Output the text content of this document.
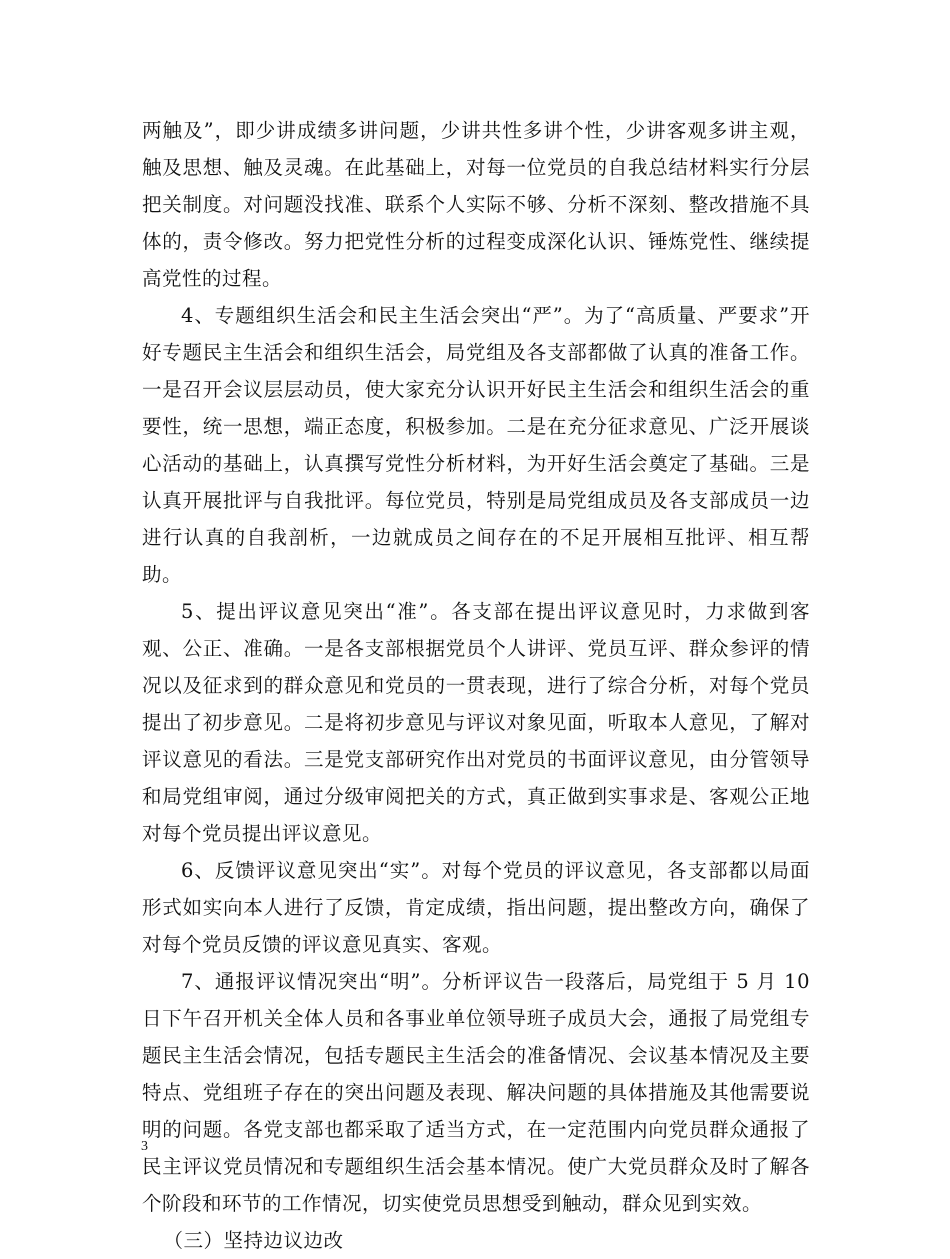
两触及”，即少讲成绩多讲问题，少讲共性多讲个性，少讲客观多讲主观，触及思想、触及灵魂。在此基础上，对每一位党员的自我总结材料实行分层把关制度。对问题没找准、联系个人实际不够、分析不深刻、整改措施不具体的，责令修改。努力把党性分析的过程变成深化认识、锤炼党性、继续提高党性的过程。

4、专题组织生活会和民主生活会突出“严”。为了“高质量、严要求”开好专题民主生活会和组织生活会，局党组及各支部都做了认真的准备工作。一是召开会议层层动员，使大家充分认识开好民主生活会和组织生活会的重要性，统一思想，端正态度，积极参加。二是在充分征求意见、广泛开展谈心活动的基础上，认真撰写党性分析材料，为开好生活会奠定了基础。三是认真开展批评与自我批评。每位党员，特别是局党组成员及各支部成员一边进行认真的自我剖析，一边就成员之间存在的不足开展相互批评、相互帮助。

5、提出评议意见突出“准”。各支部在提出评议意见时，力求做到客观、公正、准确。一是各支部根据党员个人讲评、党员互评、群众参评的情况以及征求到的群众意见和党员的一贯表现，进行了综合分析，对每个党员提出了初步意见。二是将初步意见与评议对象见面，听取本人意见，了解对评议意见的看法。三是党支部研究作出对党员的书面评议意见，由分管领导和局党组审阅，通过分级审阅把关的方式，真正做到实事求是、客观公正地对每个党员提出评议意见。

6、反馈评议意见突出“实”。对每个党员的评议意见，各支部都以局面形式如实向本人进行了反馈，肯定成绩，指出问题，提出整改方向，确保了对每个党员反馈的评议意见真实、客观。

7、通报评议情况突出“明”。分析评议告一段落后，局党组于 5 月 10 日下午召开机关全体人员和各事业单位领导班子成员大会，通报了局党组专题民主生活会情况，包括专题民主生活会的准备情况、会议基本情况及主要特点、党组班子存在的突出问题及表现、解决问题的具体措施及其他需要说明的问题。各党支部也都采取了适当方式，在一定范围内向党员群众通报了民主评议党员情况和专题组织生活会基本情况。使广大党员群众及时了解各个阶段和环节的工作情况，切实使党员思想受到触动，群众见到实效。

（三）坚持边议边改

3
